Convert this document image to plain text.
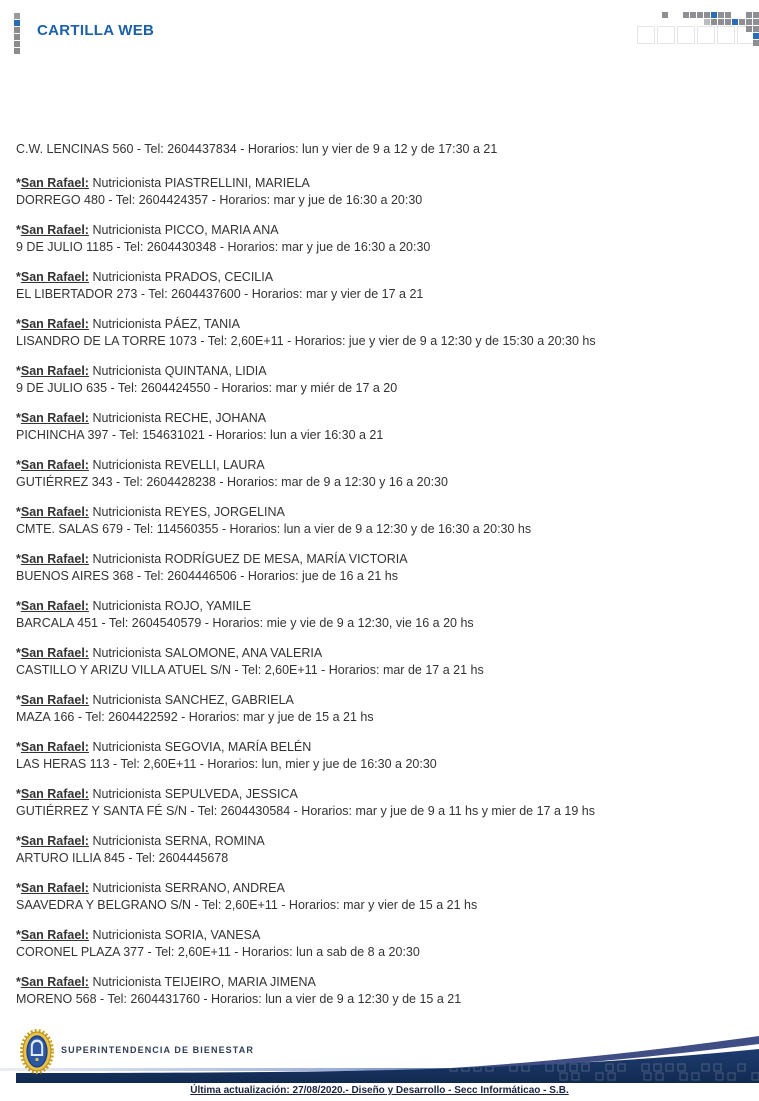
CARTILLA WEB
C.W. LENCINAS 560 - Tel: 2604437834 - Horarios: lun y vier de 9 a 12 y de 17:30 a 21
*San Rafael: Nutricionista PIASTRELLINI, MARIELA
DORREGO 480 - Tel: 2604424357 - Horarios: mar y jue de 16:30 a 20:30
*San Rafael: Nutricionista PICCO, MARIA ANA
9 DE JULIO 1185 - Tel: 2604430348 - Horarios: mar y jue de 16:30 a 20:30
*San Rafael: Nutricionista PRADOS, CECILIA
EL LIBERTADOR 273 - Tel: 2604437600 - Horarios: mar y vier de 17 a 21
*San Rafael: Nutricionista PÁEZ, TANIA
LISANDRO DE LA TORRE 1073 - Tel: 2,60E+11 - Horarios: jue y vier de 9 a 12:30 y de 15:30 a 20:30 hs
*San Rafael: Nutricionista QUINTANA, LIDIA
9 DE JULIO 635 - Tel: 2604424550 - Horarios: mar y miér de 17 a 20
*San Rafael: Nutricionista RECHE, JOHANA
PICHINCHA 397 - Tel: 154631021 - Horarios: lun a vier 16:30 a 21
*San Rafael: Nutricionista REVELLI, LAURA
GUTIÉRREZ 343 - Tel: 2604428238 - Horarios: mar de 9 a 12:30 y 16 a 20:30
*San Rafael: Nutricionista REYES, JORGELINA
CMTE. SALAS 679 - Tel: 114560355 - Horarios: lun a vier de 9 a 12:30 y de 16:30 a 20:30 hs
*San Rafael: Nutricionista RODRÍGUEZ DE MESA, MARÍA VICTORIA
BUENOS AIRES 368 - Tel: 2604446506 - Horarios: jue de 16 a 21 hs
*San Rafael: Nutricionista ROJO, YAMILE
BARCALA 451 - Tel: 2604540579 - Horarios: mie y vie de 9 a 12:30, vie 16 a 20 hs
*San Rafael: Nutricionista SALOMONE, ANA VALERIA
CASTILLO Y ARIZU VILLA ATUEL S/N - Tel: 2,60E+11 - Horarios: mar de 17 a 21 hs
*San Rafael: Nutricionista SANCHEZ, GABRIELA
MAZA 166 - Tel: 2604422592 - Horarios: mar y jue de 15 a 21 hs
*San Rafael: Nutricionista SEGOVIA, MARÍA BELÉN
LAS HERAS 113 - Tel: 2,60E+11 - Horarios: lun, mier y jue de 16:30 a 20:30
*San Rafael: Nutricionista SEPULVEDA, JESSICA
GUTIÉRREZ Y SANTA FÉ S/N - Tel: 2604430584 - Horarios: mar y jue de 9 a 11 hs y mier de 17 a 19 hs
*San Rafael: Nutricionista SERNA, ROMINA
ARTURO ILLIA 845 - Tel: 2604445678
*San Rafael: Nutricionista SERRANO, ANDREA
SAAVEDRA Y BELGRANO S/N - Tel: 2,60E+11 - Horarios: mar y vier de 15 a 21 hs
*San Rafael: Nutricionista SORIA, VANESA
CORONEL PLAZA 377 - Tel: 2,60E+11 - Horarios: lun a sab de 8 a 20:30
*San Rafael: Nutricionista TEIJEIRO, MARIA JIMENA
MORENO 568 - Tel: 2604431760 - Horarios: lun a vier de 9 a 12:30 y de 15 a 21
SUPERINTENDENCIA DE BIENESTAR
Última actualización: 27/08/2020.- Diseño y Desarrollo - Secc Informáticao - S.B.
